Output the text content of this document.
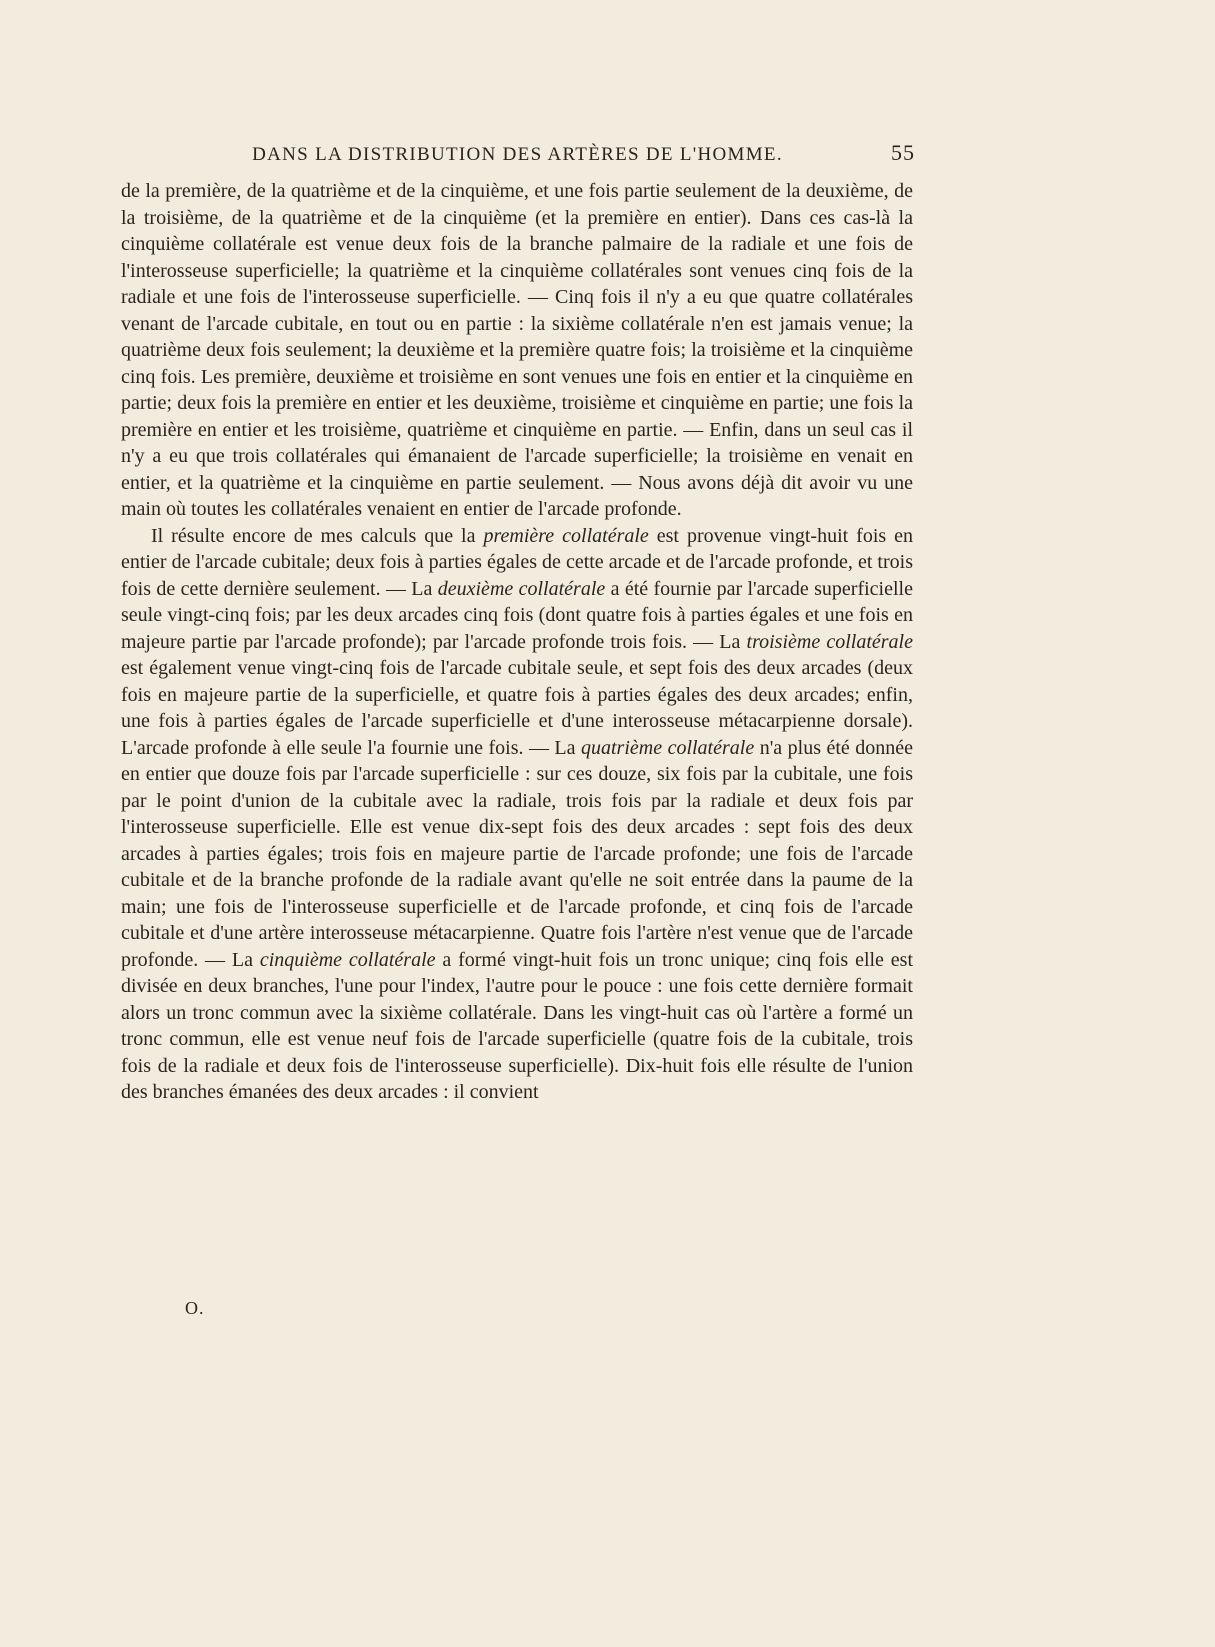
DANS LA DISTRIBUTION DES ARTÈRES DE L'HOMME.	55

de la première, de la quatrième et de la cinquième, et une fois partie seulement de la deuxième, de la troisième, de la quatrième et de la cinquième (et la première en entier). Dans ces cas-là la cinquième collatérale est venue deux fois de la branche palmaire de la radiale et une fois de l'interosseuse superficielle; la quatrième et la cinquième collatérales sont venues cinq fois de la radiale et une fois de l'interosseuse superficielle. — Cinq fois il n'y a eu que quatre collatérales venant de l'arcade cubitale, en tout ou en partie : la sixième collatérale n'en est jamais venue; la quatrième deux fois seulement; la deuxième et la première quatre fois; la troisième et la cinquième cinq fois. Les première, deuxième et troisième en sont venues une fois en entier et la cinquième en partie; deux fois la première en entier et les deuxième, troisième et cinquième en partie; une fois la première en entier et les troisième, quatrième et cinquième en partie. — Enfin, dans un seul cas il n'y a eu que trois collatérales qui émanaient de l'arcade superficielle; la troisième en venait en entier, et la quatrième et la cinquième en partie seulement. — Nous avons déjà dit avoir vu une main où toutes les collatérales venaient en entier de l'arcade profonde.

Il résulte encore de mes calculs que la première collatérale est provenue vingt-huit fois en entier de l'arcade cubitale; deux fois à parties égales de cette arcade et de l'arcade profonde, et trois fois de cette dernière seulement. — La deuxième collatérale a été fournie par l'arcade superficielle seule vingt-cinq fois; par les deux arcades cinq fois (dont quatre fois à parties égales et une fois en majeure partie par l'arcade profonde); par l'arcade profonde trois fois. — La troisième collatérale est également venue vingt-cinq fois de l'arcade cubitale seule, et sept fois des deux arcades (deux fois en majeure partie de la superficielle, et quatre fois à parties égales des deux arcades; enfin, une fois à parties égales de l'arcade superficielle et d'une interosseuse métacarpienne dorsale). L'arcade profonde à elle seule l'a fournie une fois. — La quatrième collatérale n'a plus été donnée en entier que douze fois par l'arcade superficielle : sur ces douze, six fois par la cubitale, une fois par le point d'union de la cubitale avec la radiale, trois fois par la radiale et deux fois par l'interosseuse superficielle. Elle est venue dix-sept fois des deux arcades : sept fois des deux arcades à parties égales; trois fois en majeure partie de l'arcade profonde; une fois de l'arcade cubitale et de la branche profonde de la radiale avant qu'elle ne soit entrée dans la paume de la main; une fois de l'interosseuse superficielle et de l'arcade profonde, et cinq fois de l'arcade cubitale et d'une artère interosseuse métacarpienne. Quatre fois l'artère n'est venue que de l'arcade profonde. — La cinquième collatérale a formé vingt-huit fois un tronc unique; cinq fois elle est divisée en deux branches, l'une pour l'index, l'autre pour le pouce : une fois cette dernière formait alors un tronc commun avec la sixième collatérale. Dans les vingt-huit cas où l'artère a formé un tronc commun, elle est venue neuf fois de l'arcade superficielle (quatre fois de la cubitale, trois fois de la radiale et deux fois de l'interosseuse superficielle). Dix-huit fois elle résulte de l'union des branches émanées des deux arcades : il convient

O.
